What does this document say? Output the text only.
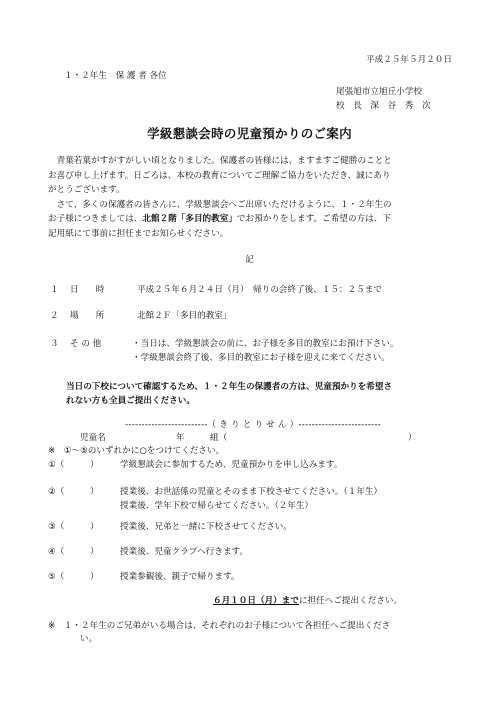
平成２５年５月２０日
１・２年生　保 護 者 各位
尾張旭市立旭丘小学校
校　長　深　谷　秀　次
学級懇談会時の児童預かりのご案内
　青葉若葉がすがすがしい頃となりました。保護者の皆様には、ますますご健勝のことと
お喜び申し上げます。日ごろは、本校の教育についてご理解ご協力をいただき、誠にあり
がとうございます。
　さて、多くの保護者の皆さんに、学級懇談会へご出席いただけるように、１・２年生の
お子様につきましては、北館２階「多目的教室」でお預かりをします。ご希望の方は、下
記用紙にて事前に担任までお知らせください。
記
１ 日　　時	平成２５年６月２４日（月）　帰りの会終了後、１５：２５まで
２ 場　　所	北館２Ｆ「多目的教室」
３ そ の 他	・当日は、学級懇談会の前に、お子様を多目的教室にお預け下さい。
・学級懇談会終了後、多目的教室にお子様を迎えに来てください。
当日の下校について確認するため、１・２年生の保護者の方は、児童預かりを希望さ
れない方も全員ご提出ください。
-------------------------（ き り と り せ ん ）-------------------------
児童名	年	組（	）
※　①～⑤のいずれかに○をつけてください。
①（　　　） 学級懇談会に参加するため、児童預かりを申し込みます。
②（　　　） 授業後、お世話係の児童とそのまま下校させてください。（１年生）
授業後、学年下校で帰らせてください。（２年生）
③（　　　） 授業後、兄弟と一緒に下校させてください。
④（　　　） 授業後、児童クラブへ行きます。
⑤（　　　） 授業参観後、親子で帰ります。
６月１０日（月）までに担任へご提出ください。
※　１・２年生のご兄弟がいる場合は、それぞれのお子様について各担任へご提出くださ
い。
